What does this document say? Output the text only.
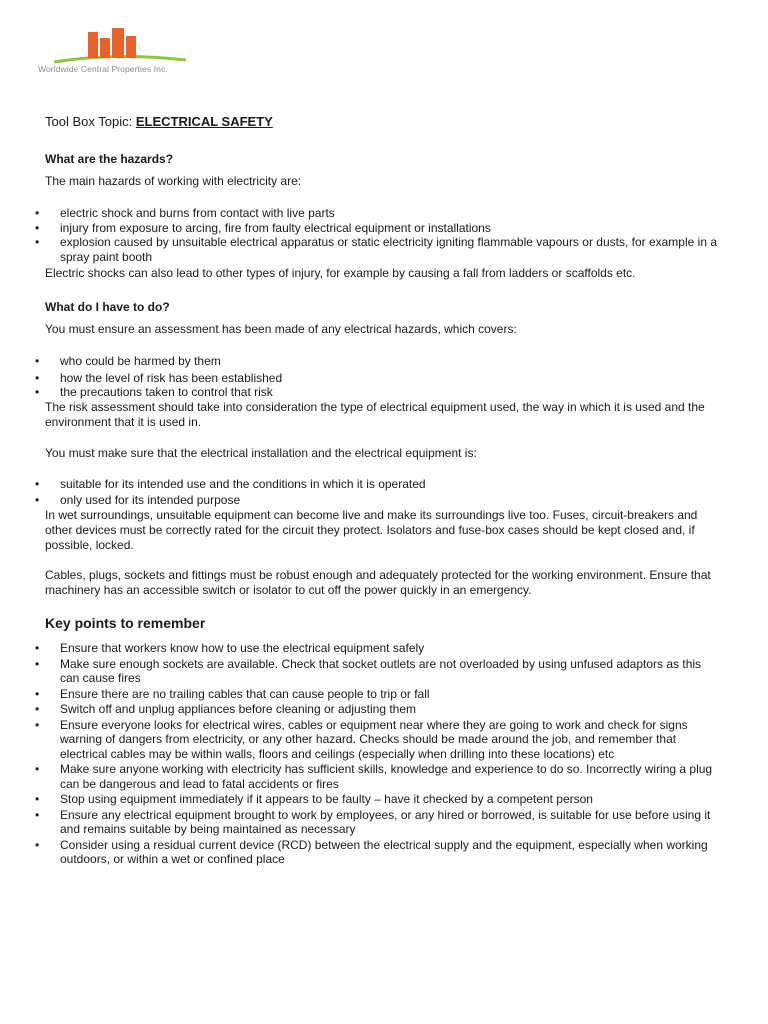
Worldwide Central Properties Inc.
Tool Box Topic: ELECTRICAL SAFETY
What are the hazards?
The main hazards of working with electricity are:
• electric shock and burns from contact with live parts
• injury from exposure to arcing, fire from faulty electrical equipment or installations
• explosion caused by unsuitable electrical apparatus or static electricity igniting flammable vapours or dusts, for example in a spray paint booth
Electric shocks can also lead to other types of injury, for example by causing a fall from ladders or scaffolds etc.
What do I have to do?
You must ensure an assessment has been made of any electrical hazards, which covers:
• who could be harmed by them
• how the level of risk has been established
• the precautions taken to control that risk
The risk assessment should take into consideration the type of electrical equipment used, the way in which it is used and the environment that it is used in.
You must make sure that the electrical installation and the electrical equipment is:
• suitable for its intended use and the conditions in which it is operated
• only used for its intended purpose
In wet surroundings, unsuitable equipment can become live and make its surroundings live too. Fuses, circuit-breakers and other devices must be correctly rated for the circuit they protect. Isolators and fuse-box cases should be kept closed and, if possible, locked.
Cables, plugs, sockets and fittings must be robust enough and adequately protected for the working environment. Ensure that machinery has an accessible switch or isolator to cut off the power quickly in an emergency.
Key points to remember
• Ensure that workers know how to use the electrical equipment safely
• Make sure enough sockets are available. Check that socket outlets are not overloaded by using unfused adaptors as this can cause fires
• Ensure there are no trailing cables that can cause people to trip or fall
• Switch off and unplug appliances before cleaning or adjusting them
• Ensure everyone looks for electrical wires, cables or equipment near where they are going to work and check for signs warning of dangers from electricity, or any other hazard. Checks should be made around the job, and remember that electrical cables may be within walls, floors and ceilings (especially when drilling into these locations) etc
• Make sure anyone working with electricity has sufficient skills, knowledge and experience to do so. Incorrectly wiring a plug can be dangerous and lead to fatal accidents or fires
• Stop using equipment immediately if it appears to be faulty – have it checked by a competent person
• Ensure any electrical equipment brought to work by employees, or any hired or borrowed, is suitable for use before using it and remains suitable by being maintained as necessary
• Consider using a residual current device (RCD) between the electrical supply and the equipment, especially when working outdoors, or within a wet or confined place
